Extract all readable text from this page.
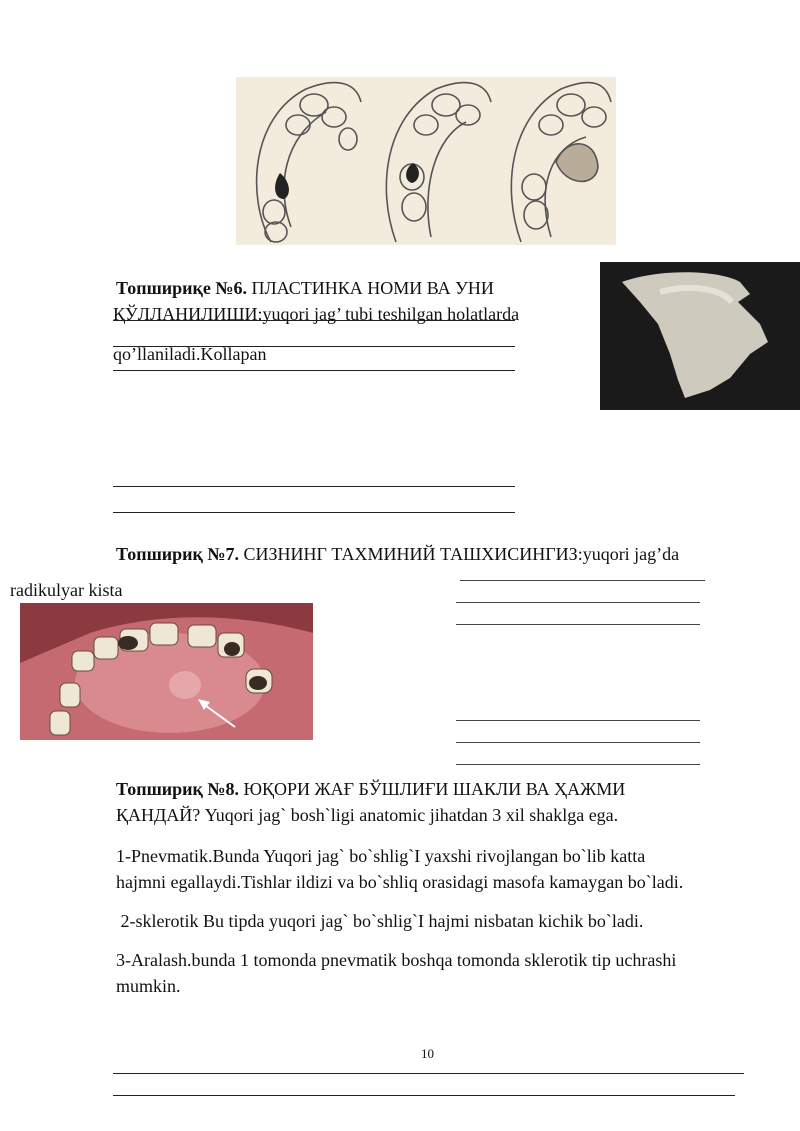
Топшириқе №6. ПЛАСТИНКА НОМИ ВА УНИ
ҚЎЛЛАНИЛИШИ:yuqori jag’ tubi teshilgan holatlarda
qo’llaniladi.Kollapan
Топшириқ №7. СИЗНИНГ ТАХМИНИЙ ТАШХИСИНГИЗ:yuqori jag’da
radikulyar kista
Топшириқ №8. ЮҚОРИ ЖАҒ БЎШЛИҒИ ШАКЛИ ВА ҲАЖМИ
ҚАНДАЙ? Yuqori jag` bosh`ligi anatomic jihatdan 3 xil shaklga ega.
1-Pnevmatik.Bunda Yuqori jag` bo`shlig`I yaxshi rivojlangan bo`lib katta
hajmni egallaydi.Tishlar ildizi va bo`shliq orasidagi masofa kamaygan bo`ladi.
2-sklerotik Bu tipda yuqori jag` bo`shlig`I hajmi nisbatan kichik bo`ladi.
3-Aralash.bunda 1 tomonda pnevmatik boshqa tomonda sklerotik tip uchrashi
mumkin.
10
